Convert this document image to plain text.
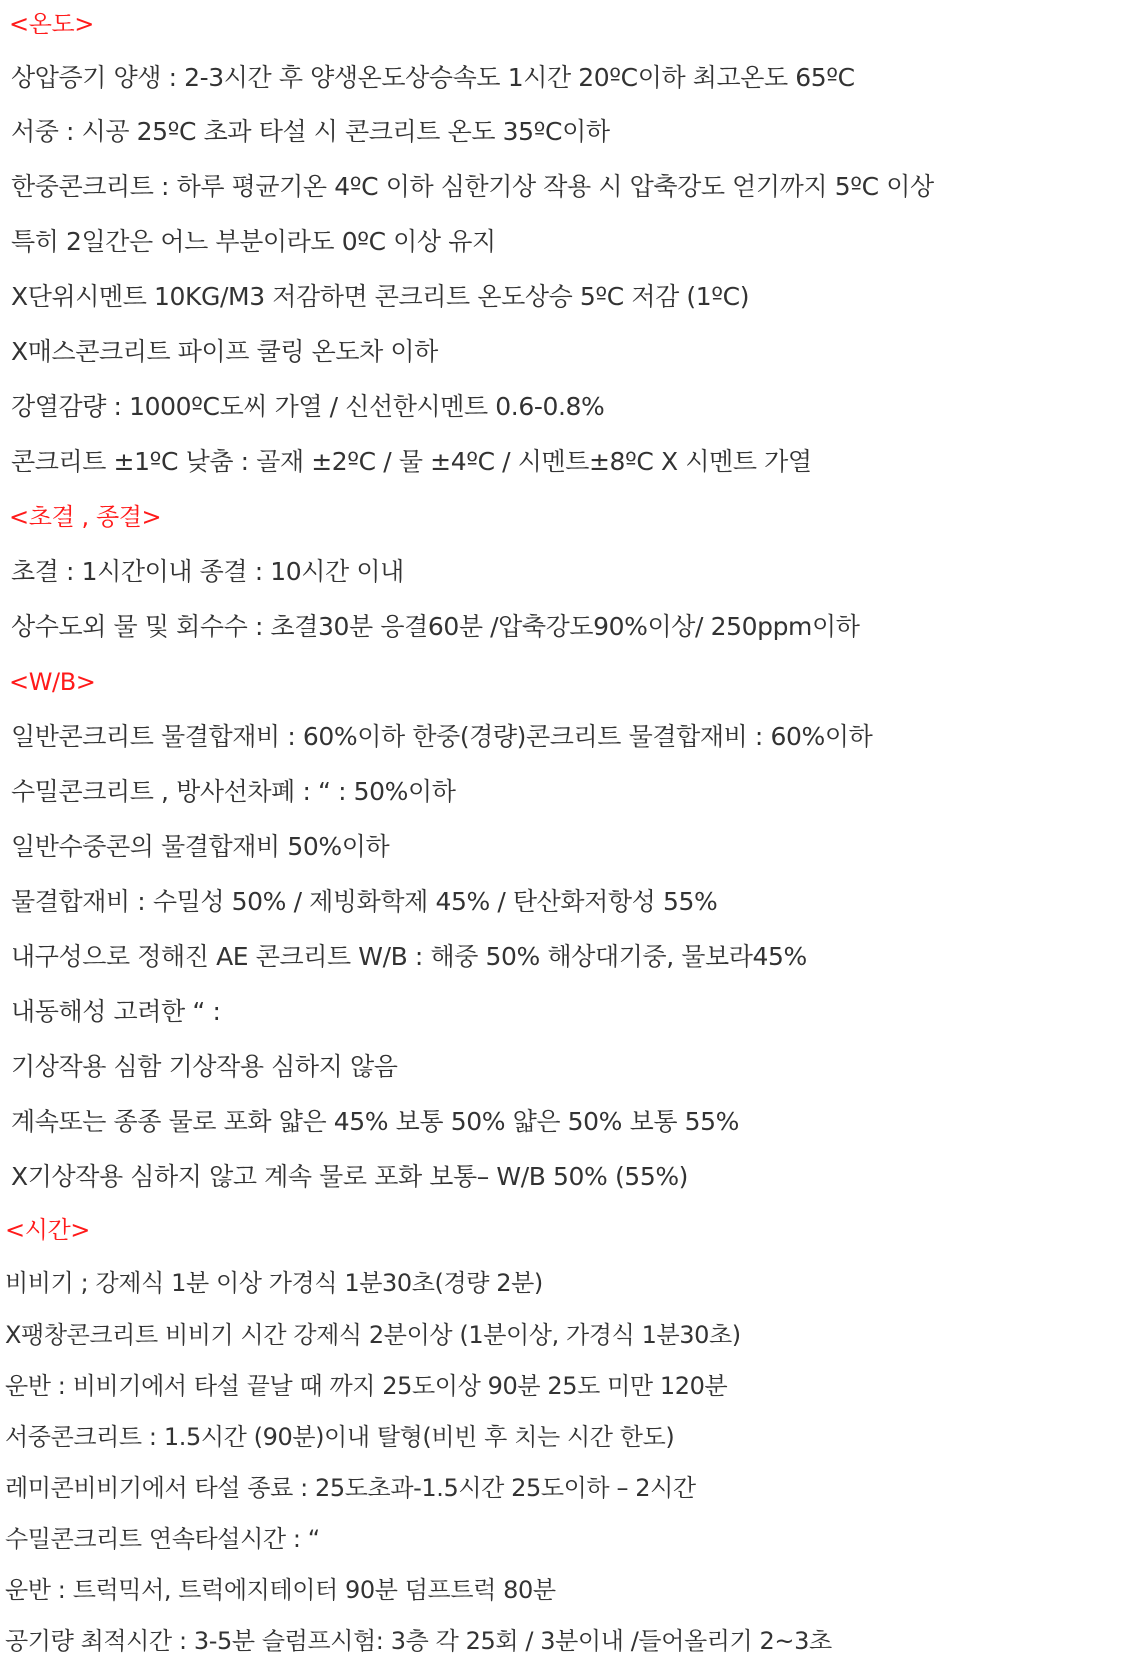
<온도>
상압증기 양생 : 2-3시간 후 양생온도상승속도 1시간 20ºC이하 최고온도 65ºC
서중 : 시공 25ºC 초과 타설 시 콘크리트 온도 35ºC이하
한중콘크리트 : 하루 평균기온 4ºC 이하 심한기상 작용 시 압축강도 얻기까지 5ºC 이상
특히 2일간은 어느 부분이라도 0ºC 이상 유지
X단위시멘트 10KG/M3 저감하면 콘크리트 온도상승 5ºC 저감 (1ºC)
X매스콘크리트 파이프 쿨링 온도차 이하
강열감량 : 1000ºC도씨 가열 / 신선한시멘트 0.6-0.8%
콘크리트 ±1ºC 낮춤 : 골재 ±2ºC / 물 ±4ºC / 시멘트±8ºC X 시멘트 가열
<초결 , 종결>
초결 : 1시간이내 종결 : 10시간 이내
상수도외 물 및 회수수 : 초결30분 응결60분 /압축강도90%이상/ 250ppm이하
<W/B>
일반콘크리트 물결합재비 : 60%이하 한중(경량)콘크리트 물결합재비 : 60%이하
수밀콘크리트 , 방사선차폐 : “ : 50%이하
일반수중콘의 물결합재비 50%이하
물결합재비 : 수밀성 50% / 제빙화학제 45% / 탄산화저항성 55%
내구성으로 정해진 AE 콘크리트 W/B : 해중 50% 해상대기중, 물보라45%
내동해성 고려한 “ :
기상작용 심함 기상작용 심하지 않음
계속또는 종종 물로 포화 얇은 45% 보통 50% 얇은 50% 보통 55%
X기상작용 심하지 않고 계속 물로 포화 보통– W/B 50% (55%)
<시간>
비비기 ; 강제식 1분 이상 가경식 1분30초(경량 2분)
X팽창콘크리트 비비기 시간 강제식 2분이상 (1분이상, 가경식 1분30초)
운반 : 비비기에서 타설 끝날 때 까지 25도이상 90분 25도 미만 120분
서중콘크리트 : 1.5시간 (90분)이내 탈형(비빈 후 치는 시간 한도)
레미콘비비기에서 타설 종료 : 25도초과-1.5시간 25도이하 – 2시간
수밀콘크리트 연속타설시간 : “
운반 : 트럭믹서, 트럭에지테이터 90분 덤프트럭 80분
공기량 최적시간 : 3-5분 슬럼프시험: 3층 각 25회 / 3분이내 /들어올리기 2~3초
